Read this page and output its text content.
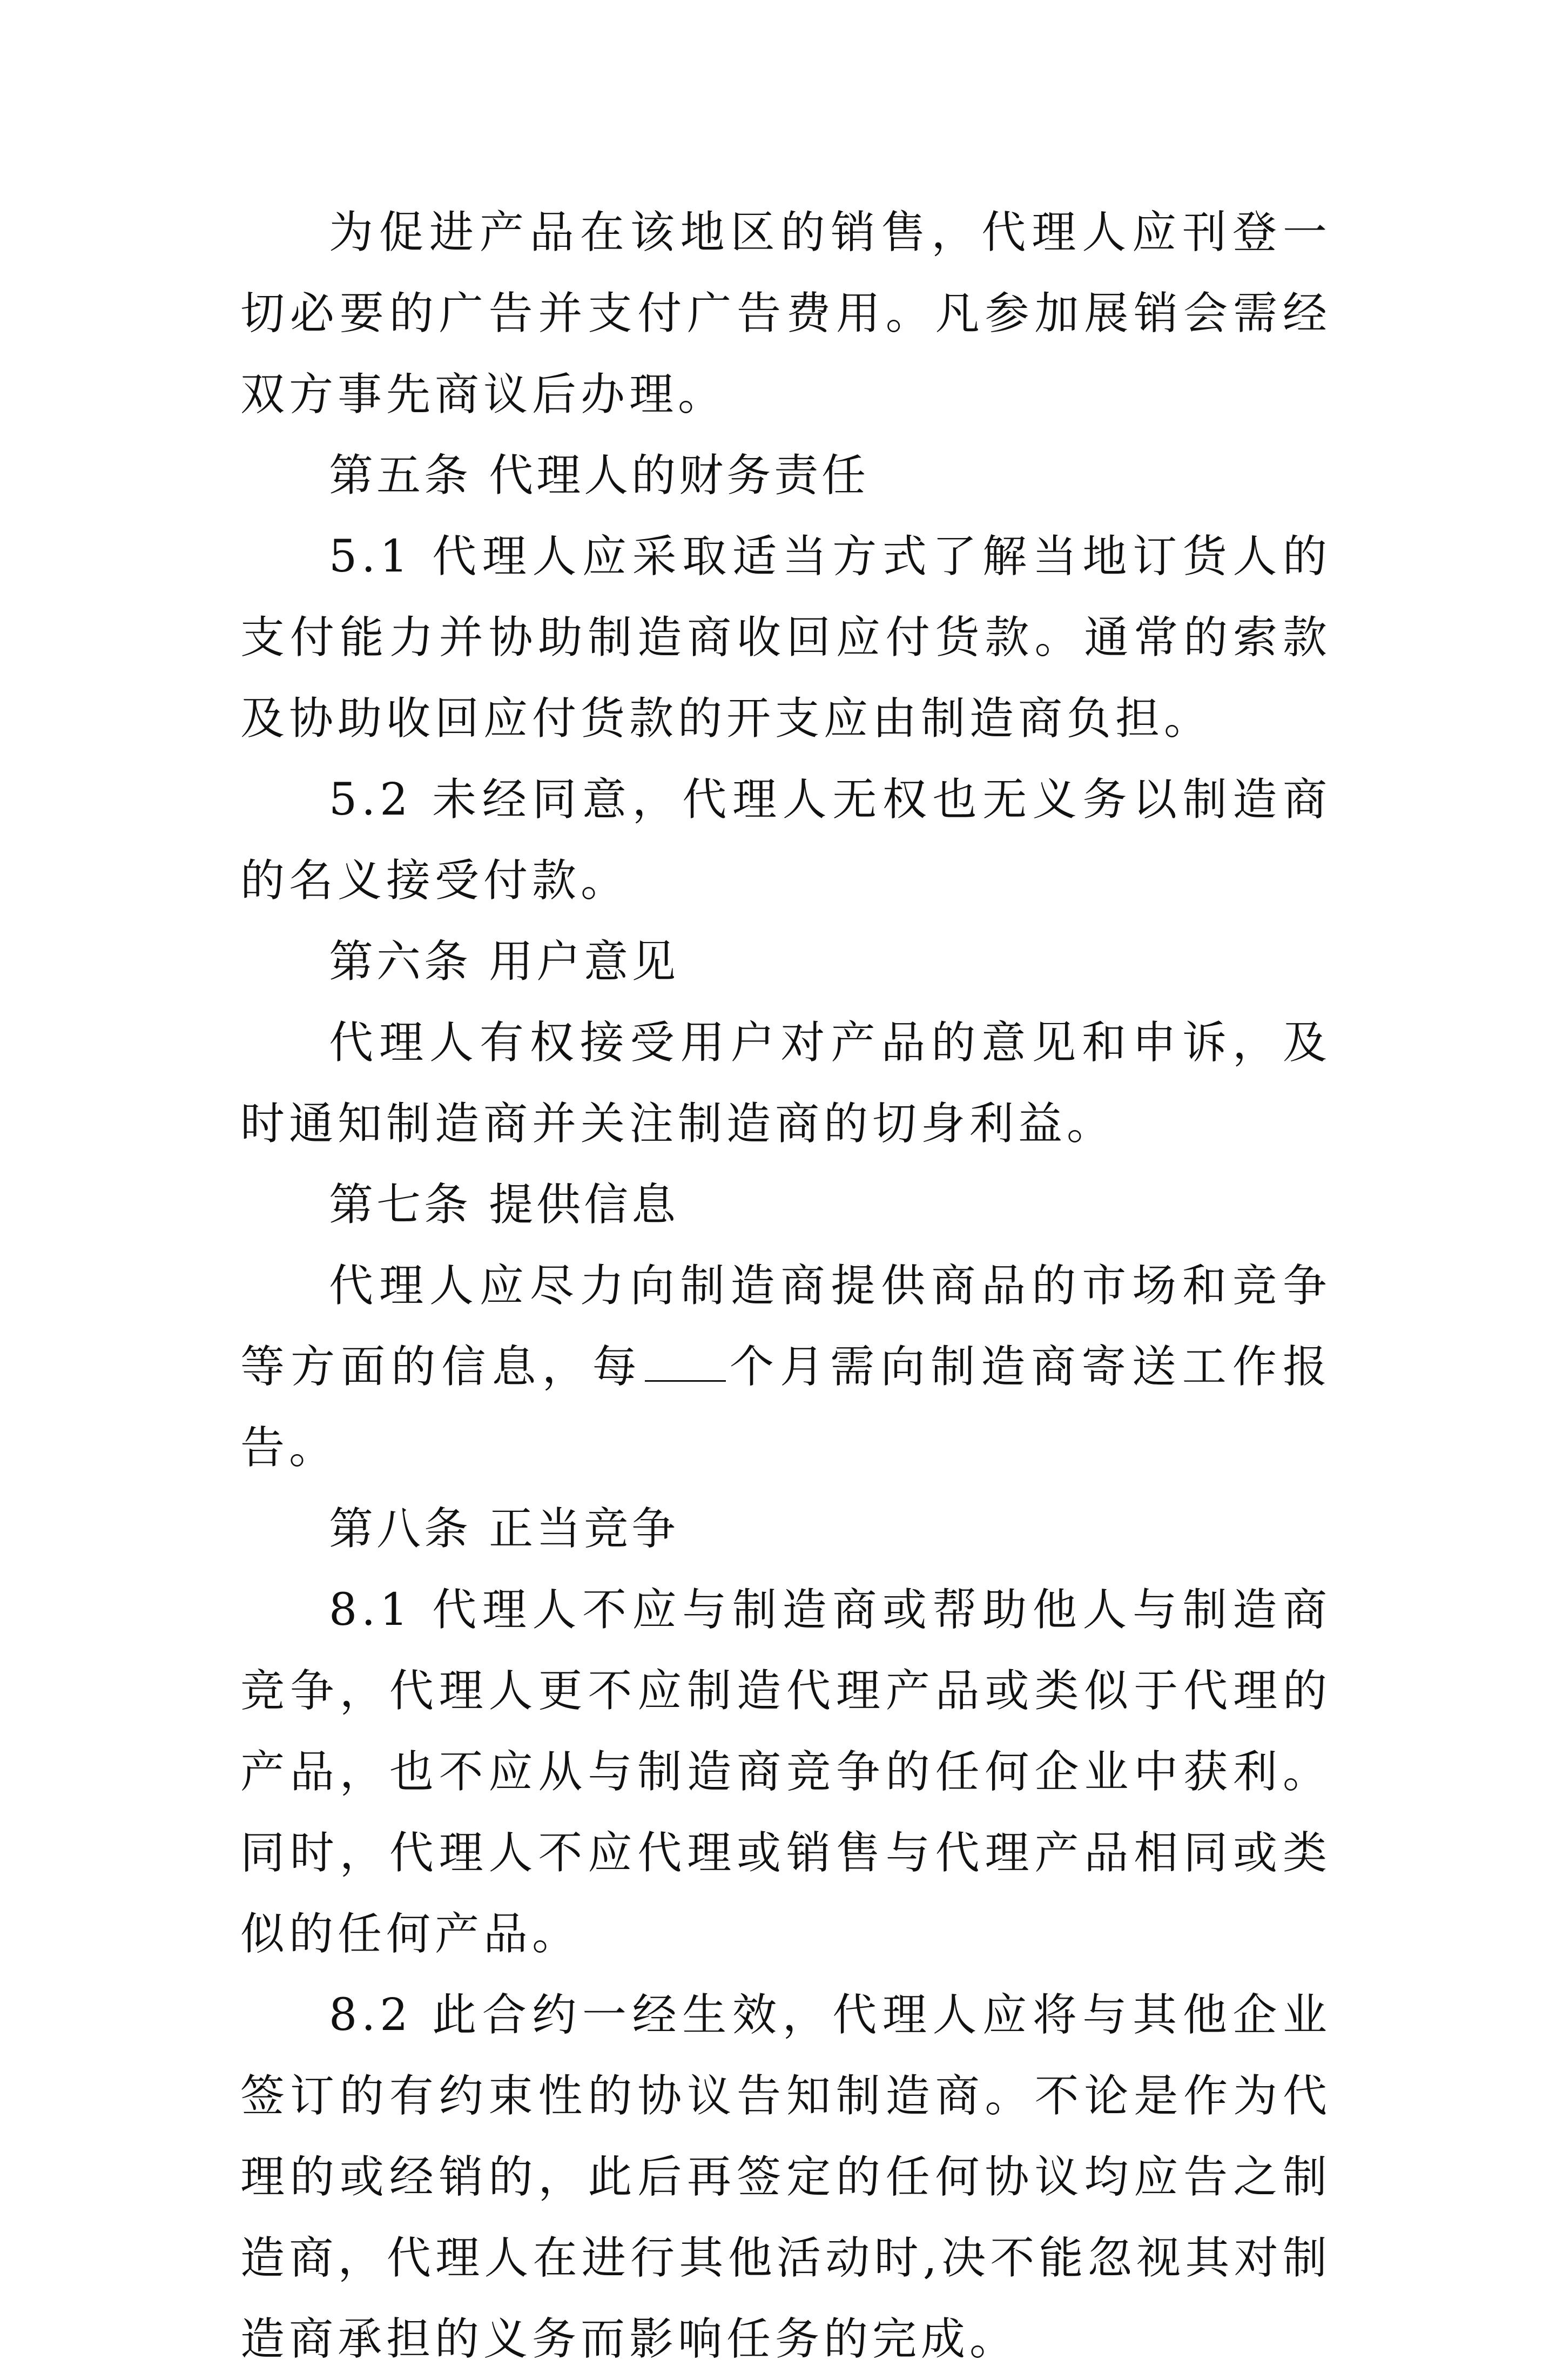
为促进产品在该地区的销售，代理人应刊登一切必要的广告并支付广告费用。凡参加展销会需经双方事先商议后办理。

第五条 代理人的财务责任

5.1 代理人应采取适当方式了解当地订货人的支付能力并协助制造商收回应付货款。通常的索款及协助收回应付货款的开支应由制造商负担。

5.2 未经同意，代理人无权也无义务以制造商的名义接受付款。

第六条 用户意见

代理人有权接受用户对产品的意见和申诉，及时通知制造商并关注制造商的切身利益。

第七条 提供信息

代理人应尽力向制造商提供商品的市场和竞争等方面的信息，每 个月需向制造商寄送工作报告。

第八条 正当竞争

8.1 代理人不应与制造商或帮助他人与制造商竞争，代理人更不应制造代理产品或类似于代理的产品，也不应从与制造商竞争的任何企业中获利。同时，代理人不应代理或销售与代理产品相同或类似的任何产品。

8.2 此合约一经生效，代理人应将与其他企业签订的有约束性的协议告知制造商。不论是作为代理的或经销的，此后再签定的任何协议均应告之制造商，代理人在进行其他活动时,决不能忽视其对制造商承担的义务而影响任务的完成。
